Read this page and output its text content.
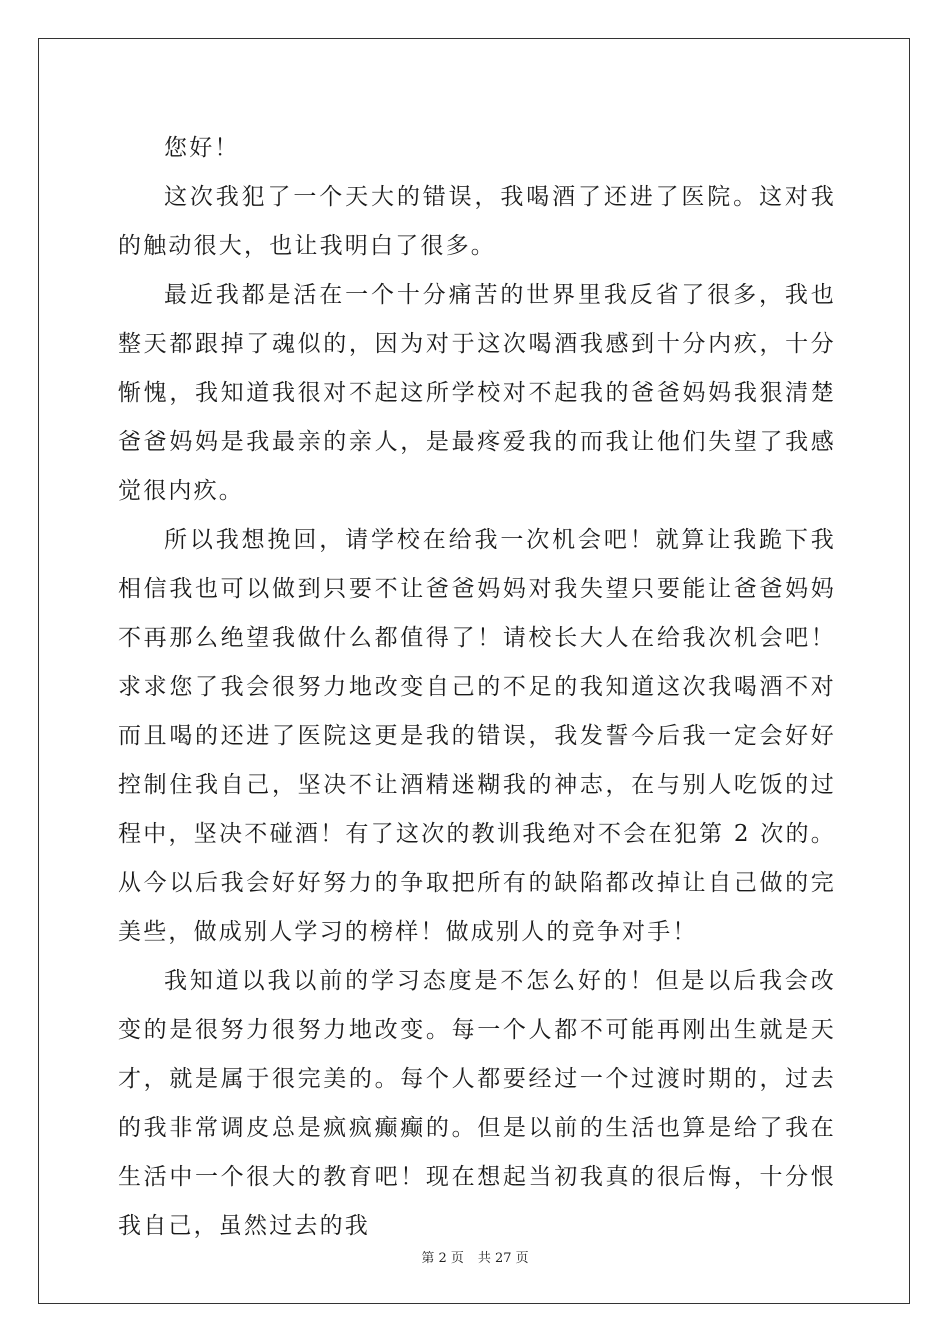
您好！

这次我犯了一个天大的错误，我喝酒了还进了医院。这对我的触动很大，也让我明白了很多。

最近我都是活在一个十分痛苦的世界里我反省了很多，我也整天都跟掉了魂似的，因为对于这次喝酒我感到十分内疚，十分惭愧，我知道我很对不起这所学校对不起我的爸爸妈妈我狠清楚爸爸妈妈是我最亲的亲人，是最疼爱我的而我让他们失望了我感觉很内疚。

所以我想挽回，请学校在给我一次机会吧！就算让我跪下我相信我也可以做到只要不让爸爸妈妈对我失望只要能让爸爸妈妈不再那么绝望我做什么都值得了！请校长大人在给我次机会吧！求求您了我会很努力地改变自己的不足的我知道这次我喝酒不对而且喝的还进了医院这更是我的错误，我发誓今后我一定会好好控制住我自己，坚决不让酒精迷糊我的神志，在与别人吃饭的过程中，坚决不碰酒！有了这次的教训我绝对不会在犯第 2 次的。从今以后我会好好努力的争取把所有的缺陷都改掉让自己做的完美些，做成别人学习的榜样！做成别人的竞争对手！

我知道以我以前的学习态度是不怎么好的！但是以后我会改变的是很努力很努力地改变。每一个人都不可能再刚出生就是天才，就是属于很完美的。每个人都要经过一个过渡时期的，过去的我非常调皮总是疯疯癫癫的。但是以前的生活也算是给了我在生活中一个很大的教育吧！现在想起当初我真的很后悔，十分恨我自己，虽然过去的我

第 2 页 共 27 页
